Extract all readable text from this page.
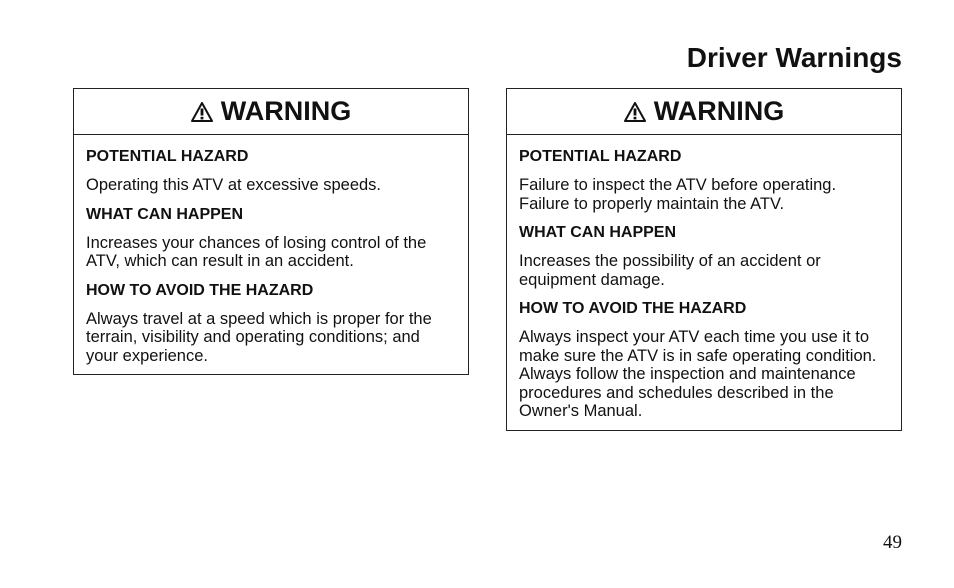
Driver Warnings
WARNING
POTENTIAL HAZARD
Operating this ATV at excessive speeds.
WHAT CAN HAPPEN
Increases your chances of losing control of the ATV, which can result in an accident.
HOW TO AVOID THE HAZARD
Always travel at a speed which is proper for the terrain, visibility and operating conditions; and your experience.
WARNING
POTENTIAL HAZARD
Failure to inspect the ATV before operating. Failure to properly maintain the ATV.
WHAT CAN HAPPEN
Increases the possibility of an accident or equipment damage.
HOW TO AVOID THE HAZARD
Always inspect your ATV each time you use it to make sure the ATV is in safe operating condition. Always follow the inspection and maintenance procedures and schedules described in the Owner's Manual.
49
